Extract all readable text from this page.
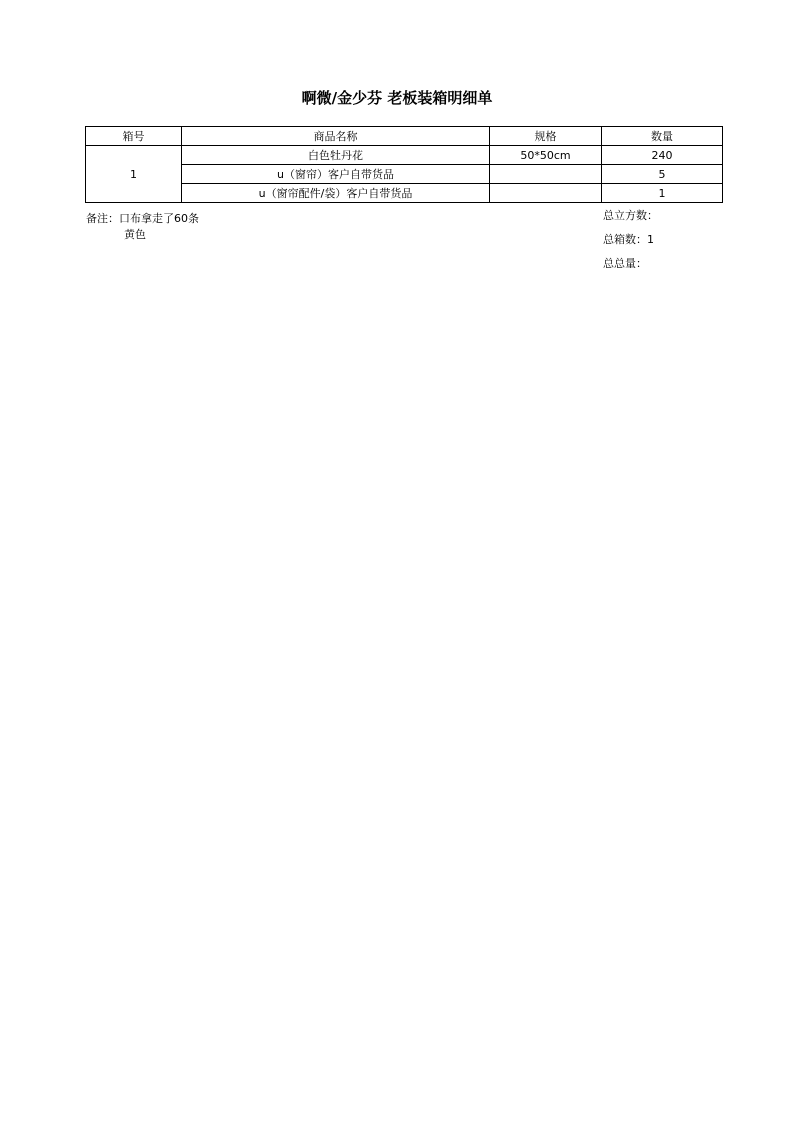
啊微/金少芬 老板装箱明细单
箱号	商品名称	规格	数量
1	白色牡丹花	50*50cm	240
	u（窗帘）客户自带货品		5
	u（窗帘配件/袋）客户自带货品		1
备注：口布拿走了60条
黄色
总立方数：
总箱数：1
总总量：
